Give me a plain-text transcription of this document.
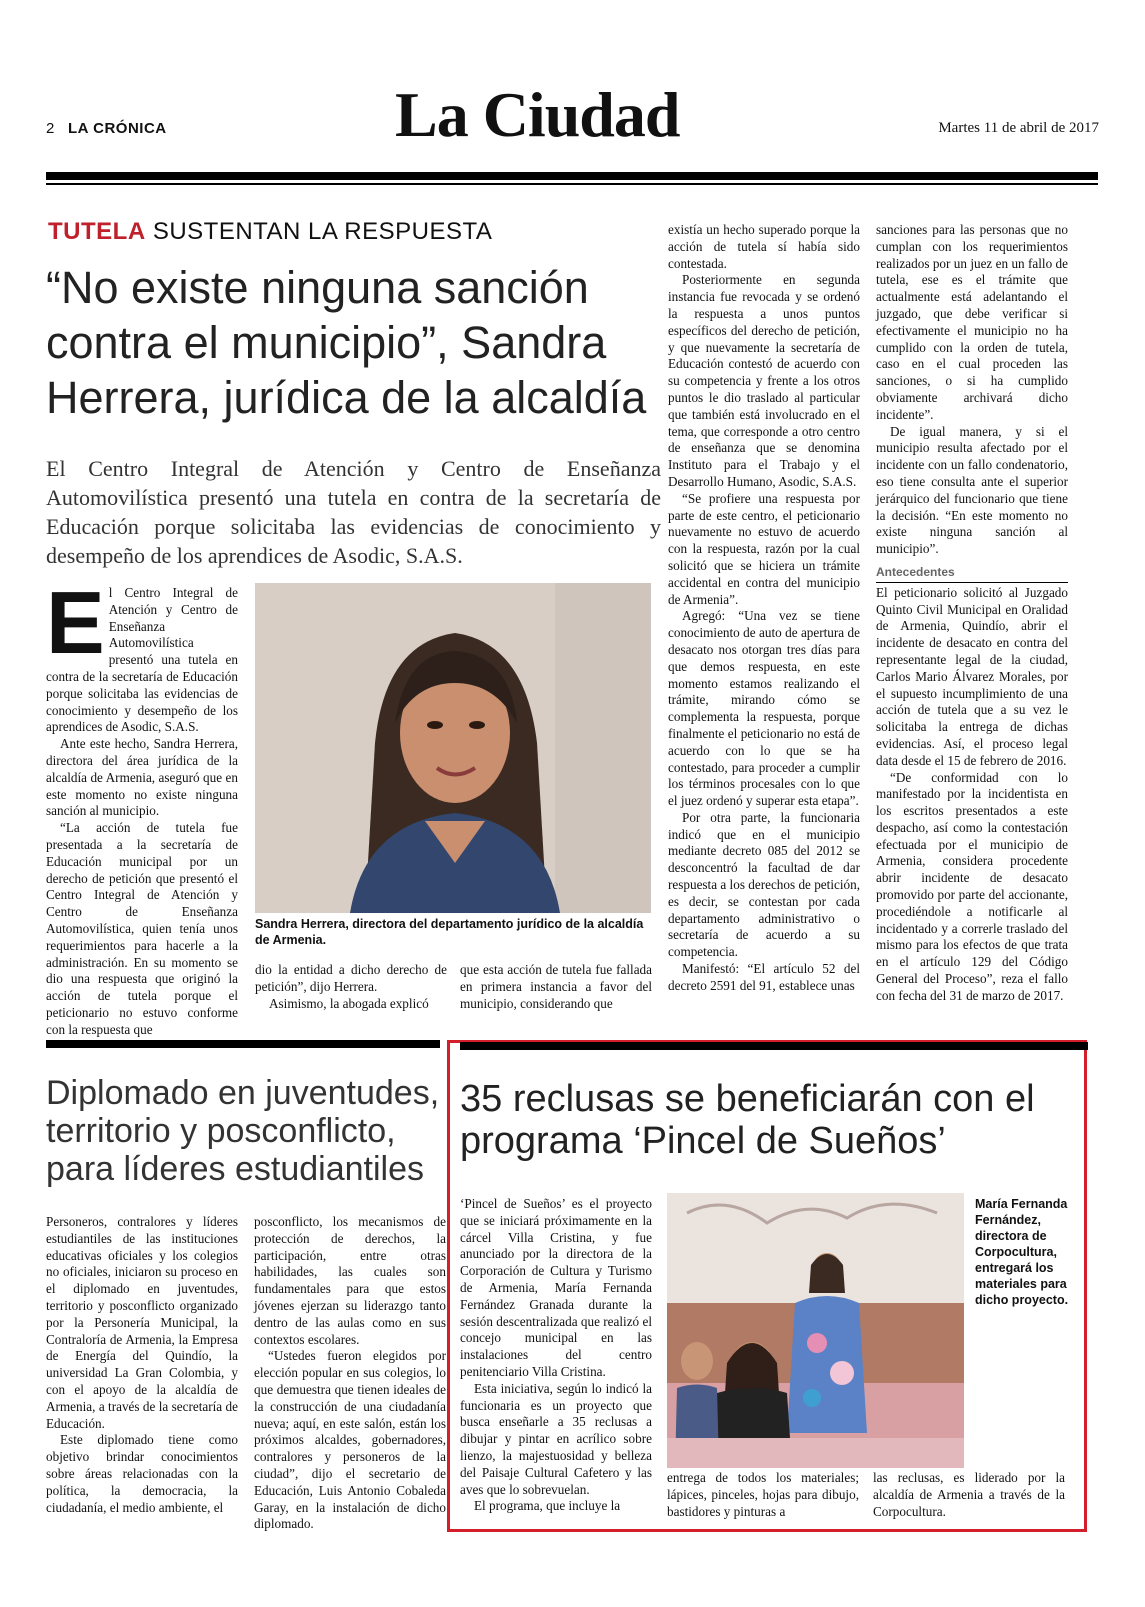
2 LA CRÓNICA	La Ciudad	Martes 11 de abril de 2017
TUTELA SUSTENTAN LA RESPUESTA
“No existe ninguna sanción contra el municipio”, Sandra Herrera, jurídica de la alcaldía
El Centro Integral de Atención y Centro de Enseñanza Automovilística presentó una tutela en contra de la secretaría de Educación porque solicitaba las evidencias de conocimiento y desempeño de los aprendices de Asodic, S.A.S.
E l Centro Integral de Atención y Centro de Enseñanza Automovilística presentó una tutela en contra de la secretaría de Educación porque solicitaba las evidencias de conocimiento y desempeño de los aprendices de Asodic, S.A.S.

Ante este hecho, Sandra Herrera, directora del área jurídica de la alcaldía de Armenia, aseguró que en este momento no existe ninguna sanción al municipio.

“La acción de tutela fue presentada a la secretaría de Educación municipal por un derecho de petición que presentó el Centro Integral de Atención y Centro de Enseñanza Automovilística, quien tenía unos requerimientos para hacerle a la administración. En su momento se dio una respuesta que originó la acción de tutela porque el peticionario no estuvo conforme con la respuesta que

Sandra Herrera, directora del departamento jurídico de la alcaldía de Armenia.

dio la entidad a dicho derecho de petición”, dijo Herrera.

Asimismo, la abogada explicó

que esta acción de tutela fue fallada en primera instancia a favor del municipio, considerando que

existía un hecho superado porque la acción de tutela sí había sido contestada.

Posteriormente en segunda instancia fue revocada y se ordenó la respuesta a unos puntos específicos del derecho de petición, y que nuevamente la secretaría de Educación contestó de acuerdo con su competencia y frente a los otros puntos le dio traslado al particular que también está involucrado en el tema, que corresponde a otro centro de enseñanza que se denomina Instituto para el Trabajo y el Desarrollo Humano, Asodic, S.A.S.

“Se profiere una respuesta por parte de este centro, el peticionario nuevamente no estuvo de acuerdo con la respuesta, razón por la cual solicitó que se hiciera un trámite accidental en contra del municipio de Armenia”.

Agregó: “Una vez se tiene conocimiento de auto de apertura de desacato nos otorgan tres días para que demos respuesta, en este momento estamos realizando el trámite, mirando cómo se complementa la respuesta, porque finalmente el peticionario no está de acuerdo con lo que se ha contestado, para proceder a cumplir los términos procesales con lo que el juez ordenó y superar esta etapa”.

Por otra parte, la funcionaria indicó que en el municipio mediante decreto 085 del 2012 se desconcentró la facultad de dar respuesta a los derechos de petición, es decir, se contestan por cada departamento administrativo o secretaría de acuerdo a su competencia.

Manifestó: “El artículo 52 del decreto 2591 del 91, establece unas

sanciones para las personas que no cumplan con los requerimientos realizados por un juez en un fallo de tutela, ese es el trámite que actualmente está adelantando el juzgado, que debe verificar si efectivamente el municipio no ha cumplido con la orden de tutela, caso en el cual proceden las sanciones, o si ha cumplido obviamente archivará dicho incidente”.

De igual manera, y si el municipio resulta afectado por el incidente con un fallo condenatorio, eso tiene consulta ante el superior jerárquico del funcionario que tiene la decisión. “En este momento no existe ninguna sanción al municipio”.

Antecedentes

El peticionario solicitó al Juzgado Quinto Civil Municipal en Oralidad de Armenia, Quindío, abrir el incidente de desacato en contra del representante legal de la ciudad, Carlos Mario Álvarez Morales, por el supuesto incumplimiento de una acción de tutela que a su vez le solicitaba la entrega de dichas evidencias. Así, el proceso legal data desde el 15 de febrero de 2016.

“De conformidad con lo manifestado por la incidentista en los escritos presentados a este despacho, así como la contestación efectuada por el municipio de Armenia, considera procedente abrir incidente de desacato promovido por parte del accionante, procediéndole a notificarle al incidentado y a correrle traslado del mismo para los efectos de que trata en el artículo 129 del Código General del Proceso”, reza el fallo con fecha del 31 de marzo de 2017.

Diplomado en juventudes, territorio y posconflicto, para líderes estudiantiles

Personeros, contralores y líderes estudiantiles de las instituciones educativas oficiales y los colegios no oficiales, iniciaron su proceso en el diplomado en juventudes, territorio y posconflicto organizado por la Personería Municipal, la Contraloría de Armenia, la Empresa de Energía del Quindío, la universidad La Gran Colombia, y con el apoyo de la alcaldía de Armenia, a través de la secretaría de Educación.

Este diplomado tiene como objetivo brindar conocimientos sobre áreas relacionadas con la política, la democracia, la ciudadanía, el medio ambiente, el

posconflicto, los mecanismos de protección de derechos, la participación, entre otras habilidades, las cuales son fundamentales para que estos jóvenes ejerzan su liderazgo tanto dentro de las aulas como en sus contextos escolares.

“Ustedes fueron elegidos por elección popular en sus colegios, lo que demuestra que tienen ideales de la construcción de una ciudadanía nueva; aquí, en este salón, están los próximos alcaldes, gobernadores, contralores y personeros de la ciudad”, dijo el secretario de Educación, Luis Antonio Cobaleda Garay, en la instalación de dicho diplomado.

35 reclusas se beneficiarán con el programa ‘Pincel de Sueños’

‘Pincel de Sueños’ es el proyecto que se iniciará próximamente en la cárcel Villa Cristina, y fue anunciado por la directora de la Corporación de Cultura y Turismo de Armenia, María Fernanda Fernández Granada durante la sesión descentralizada que realizó el concejo municipal en las instalaciones del centro penitenciario Villa Cristina.

Esta iniciativa, según lo indicó la funcionaria es un proyecto que busca enseñarle a 35 reclusas a dibujar y pintar en acrílico sobre lienzo, la majestuosidad y belleza del Paisaje Cultural Cafetero y las aves que lo sobrevuelan.

El programa, que incluye la

María Fernanda Fernández, directora de Corpocultura, entregará los materiales para dicho proyecto.

entrega de todos los materiales; lápices, pinceles, hojas para dibujo, bastidores y pinturas a

las reclusas, es liderado por la alcaldía de Armenia a través de la Corpocultura.
